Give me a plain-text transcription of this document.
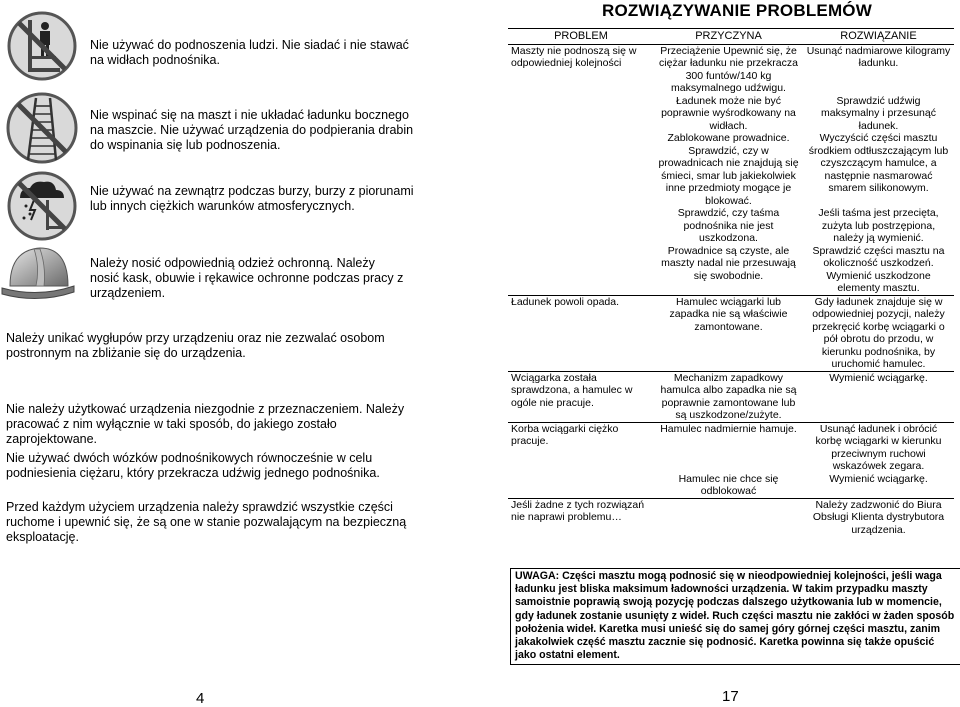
Nie używać do podnoszenia ludzi. Nie siadać i nie stawać na widłach podnośnika.
Nie wspinać się na maszt i nie układać ładunku bocznego na maszcie. Nie używać urządzenia do podpierania drabin do wspinania się lub podnoszenia.
Nie używać na zewnątrz podczas burzy, burzy z piorunami lub innych ciężkich warunków atmosferycznych.
Należy nosić odpowiednią odzież ochronną. Należy nosić kask, obuwie i rękawice ochronne podczas pracy z urządzeniem.
Należy unikać wygłupów przy urządzeniu oraz nie zezwalać osobom postronnym na zbliżanie się do urządzenia.
Nie należy użytkować urządzenia niezgodnie z przeznaczeniem. Należy pracować z nim wyłącznie w taki sposób, do jakiego zostało zaprojektowane.
Nie używać dwóch wózków podnośnikowych równocześnie w celu podniesienia ciężaru, który przekracza udźwig jednego podnośnika.
Przed każdym użyciem urządzenia należy sprawdzić wszystkie części ruchome i upewnić się, że są one w stanie pozwalającym na bezpieczną eksploatację.
4
ROZWIĄZYWANIE PROBLEMÓW
PROBLEM	PRZYCZYNA	ROZWIĄZANIE
Maszty nie podnoszą się w odpowiedniej kolejności	Przeciążenie Upewnić się, że ciężar ładunku nie przekracza 300 funtów/140 kg maksymalnego udźwigu.	Usunąć nadmiarowe kilogramy ładunku.
	Ładunek może nie być poprawnie wyśrodkowany na widłach.	Sprawdzić udźwig maksymalny i przesunąć ładunek.
	Zablokowane prowadnice. Sprawdzić, czy w prowadnicach nie znajdują się śmieci, smar lub jakiekolwiek inne przedmioty mogące je blokować.	Wyczyścić części masztu środkiem odtłuszczającym lub czyszczącym hamulce, a następnie nasmarować smarem silikonowym.
	Sprawdzić, czy taśma podnośnika nie jest uszkodzona.	Jeśli taśma jest przecięta, zużyta lub postrzępiona, należy ją wymienić.
	Prowadnice są czyste, ale maszty nadal nie przesuwają się swobodnie.	Sprawdzić części masztu na okoliczność uszkodzeń. Wymienić uszkodzone elementy masztu.
Ładunek powoli opada.	Hamulec wciągarki lub zapadka nie są właściwie zamontowane.	Gdy ładunek znajduje się w odpowiedniej pozycji, należy przekręcić korbę wciągarki o pół obrotu do przodu, w kierunku podnośnika, by uruchomić hamulec.
Wciągarka została sprawdzona, a hamulec w ogóle nie pracuje.	Mechanizm zapadkowy hamulca albo zapadka nie są poprawnie zamontowane lub są uszkodzone/zużyte.	Wymienić wciągarkę.
Korba wciągarki ciężko pracuje.	Hamulec nadmiernie hamuje.	Usunąć ładunek i obrócić korbę wciągarki w kierunku przeciwnym ruchowi wskazówek zegara.
	Hamulec nie chce się odblokować	Wymienić wciągarkę.
Jeśli żadne z tych rozwiązań nie naprawi problemu…		Należy zadzwonić do Biura Obsługi Klienta dystrybutora urządzenia.
UWAGA: Części masztu mogą podnosić się w nieodpowiedniej kolejności, jeśli waga ładunku jest bliska maksimum ładowności urządzenia. W takim przypadku maszty samoistnie poprawią swoją pozycję podczas dalszego użytkowania lub w momencie, gdy ładunek zostanie usunięty z wideł. Ruch części masztu nie zakłóci w żaden sposób położenia wideł. Karetka musi unieść się do samej góry górnej części masztu, zanim jakakolwiek część masztu zacznie się podnosić. Karetka powinna się także opuścić jako ostatni element.
17
